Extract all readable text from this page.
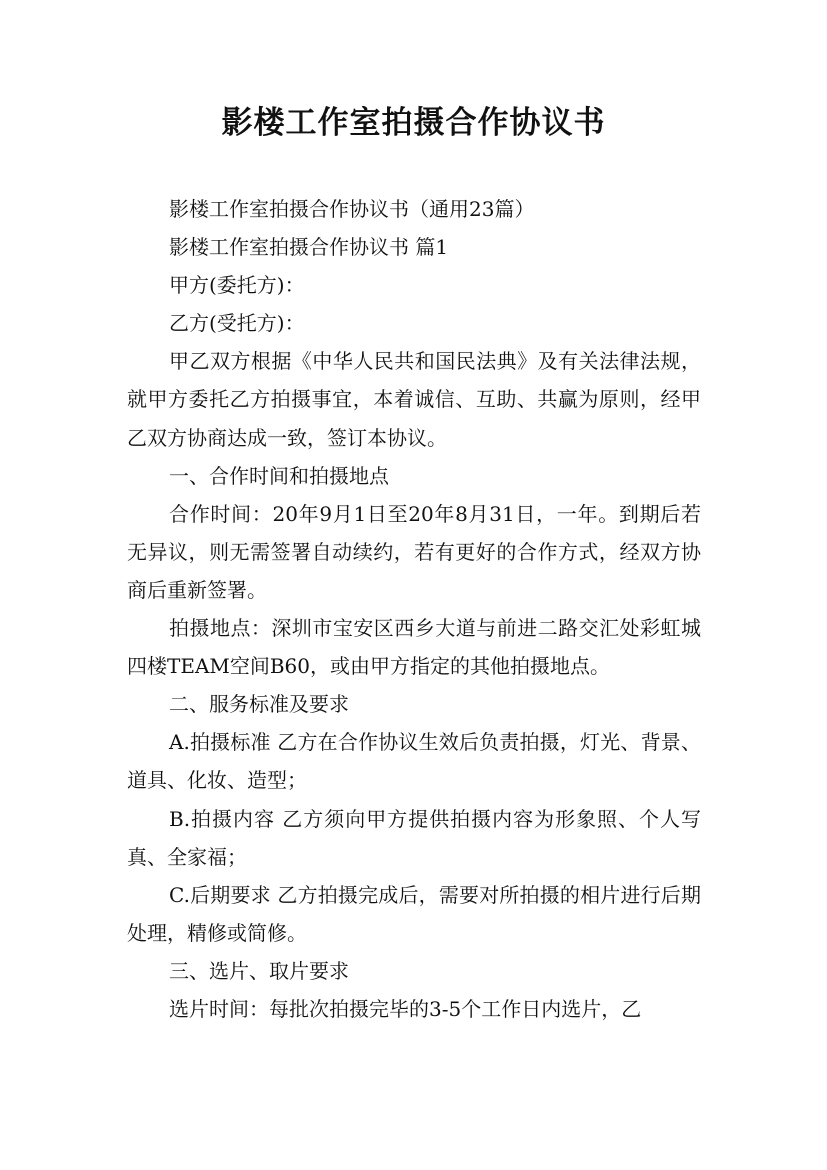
影楼工作室拍摄合作协议书

影楼工作室拍摄合作协议书（通用23篇）

影楼工作室拍摄合作协议书 篇1

甲方(委托方)：

乙方(受托方)：

甲乙双方根据《中华人民共和国民法典》及有关法律法规，就甲方委托乙方拍摄事宜，本着诚信、互助、共赢为原则，经甲乙双方协商达成一致，签订本协议。

一、合作时间和拍摄地点

合作时间：20年9月1日至20年8月31日，一年。到期后若无异议，则无需签署自动续约，若有更好的合作方式，经双方协商后重新签署。

拍摄地点：深圳市宝安区西乡大道与前进二路交汇处彩虹城四楼TEAM空间B60，或由甲方指定的其他拍摄地点。

二、服务标准及要求

A.拍摄标准 乙方在合作协议生效后负责拍摄，灯光、背景、道具、化妆、造型；

B.拍摄内容 乙方须向甲方提供拍摄内容为形象照、个人写真、全家福；

C.后期要求 乙方拍摄完成后，需要对所拍摄的相片进行后期处理，精修或简修。

三、选片、取片要求

选片时间：每批次拍摄完毕的3-5个工作日内选片，乙
